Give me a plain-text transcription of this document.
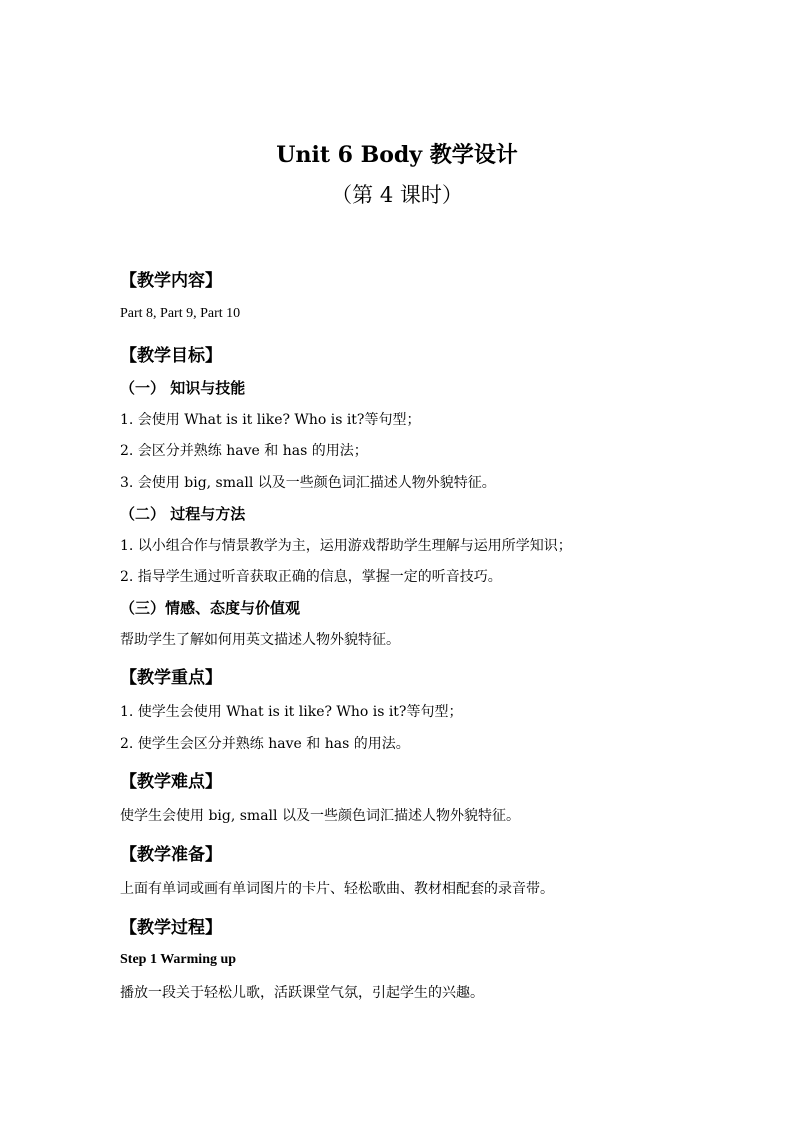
Unit 6 Body 教学设计
（第 4 课时）
【教学内容】
Part 8, Part 9, Part 10
【教学目标】
（一） 知识与技能
1. 会使用 What is it like? Who is it?等句型；
2. 会区分并熟练 have 和 has 的用法；
3. 会使用 big, small 以及一些颜色词汇描述人物外貌特征。
（二） 过程与方法
1. 以小组合作与情景教学为主，运用游戏帮助学生理解与运用所学知识；
2. 指导学生通过听音获取正确的信息，掌握一定的听音技巧。
（三）情感、态度与价值观
帮助学生了解如何用英文描述人物外貌特征。
【教学重点】
1. 使学生会使用 What is it like? Who is it?等句型；
2. 使学生会区分并熟练 have 和 has 的用法。
【教学难点】
使学生会使用 big, small 以及一些颜色词汇描述人物外貌特征。
【教学准备】
上面有单词或画有单词图片的卡片、轻松歌曲、教材相配套的录音带。
【教学过程】
Step 1 Warming up
播放一段关于轻松儿歌，活跃课堂气氛，引起学生的兴趣。
